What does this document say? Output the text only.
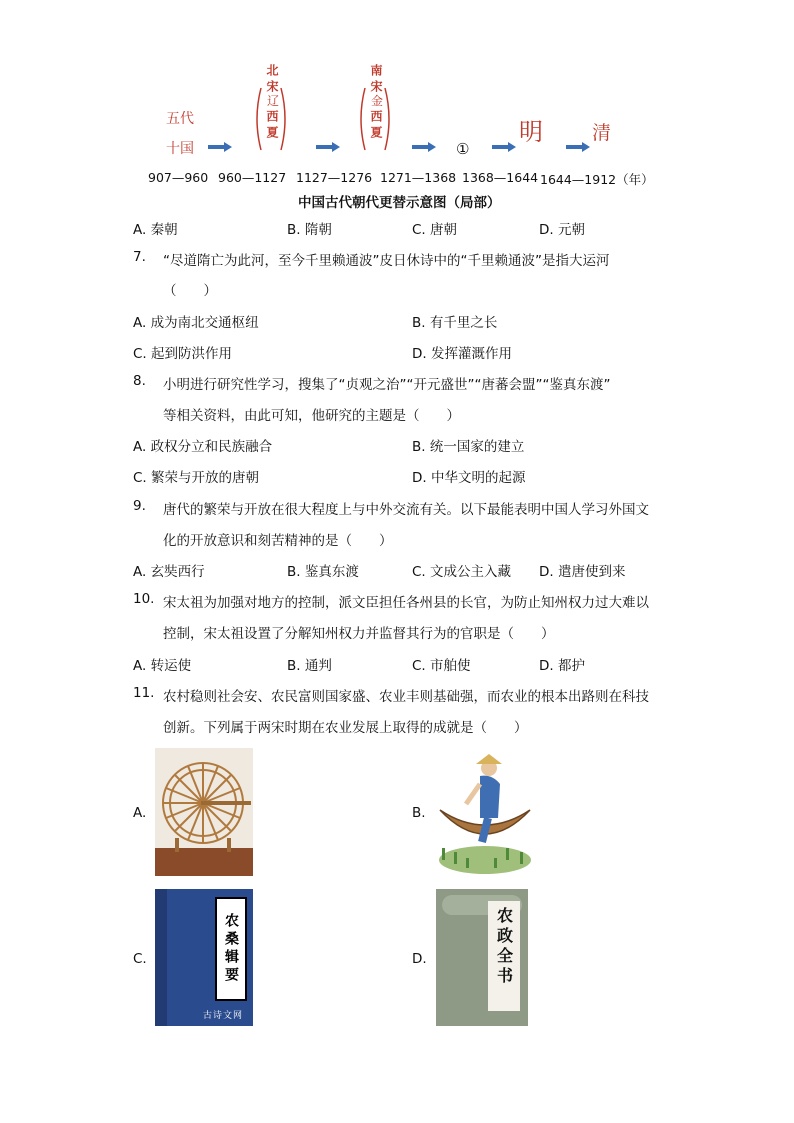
五代
十国
北宋
辽
西夏
南宋
金
西夏
①
明	清
907—960 960—1127 1127—1276 1271—1368 1368—1644 1644—1912（年）
中国古代朝代更替示意图（局部）
A. 秦朝	B. 隋朝	C. 唐朝	D. 元朝
7. “尽道隋亡为此河，至今千里赖通波”皮日休诗中的“千里赖通波”是指大运河
（　　）
A. 成为南北交通枢纽	B. 有千里之长
C. 起到防洪作用	D. 发挥灌溉作用
8. 小明进行研究性学习，搜集了“贞观之治”“开元盛世”“唐蕃会盟”“鉴真东渡”
等相关资料，由此可知，他研究的主题是（　　）
A. 政权分立和民族融合	B. 统一国家的建立
C. 繁荣与开放的唐朝	D. 中华文明的起源
9. 唐代的繁荣与开放在很大程度上与中外交流有关。以下最能表明中国人学习外国文
化的开放意识和刻苦精神的是（　　）
A. 玄奘西行	B. 鉴真东渡	C. 文成公主入藏 D. 遣唐使到来
10. 宋太祖为加强对地方的控制，派文臣担任各州县的长官，为防止知州权力过大难以
控制，宋太祖设置了分解知州权力并监督其行为的官职是（　　）
A. 转运使	B. 通判	C. 市舶使	D. 都护
11. 农村稳则社会安、农民富则国家盛、农业丰则基础强，而农业的根本出路则在科技
创新。下列属于两宋时期在农业发展上取得的成就是（　　）
A.	B.
C.	农桑辑要
古诗文网
D.	农政全书
